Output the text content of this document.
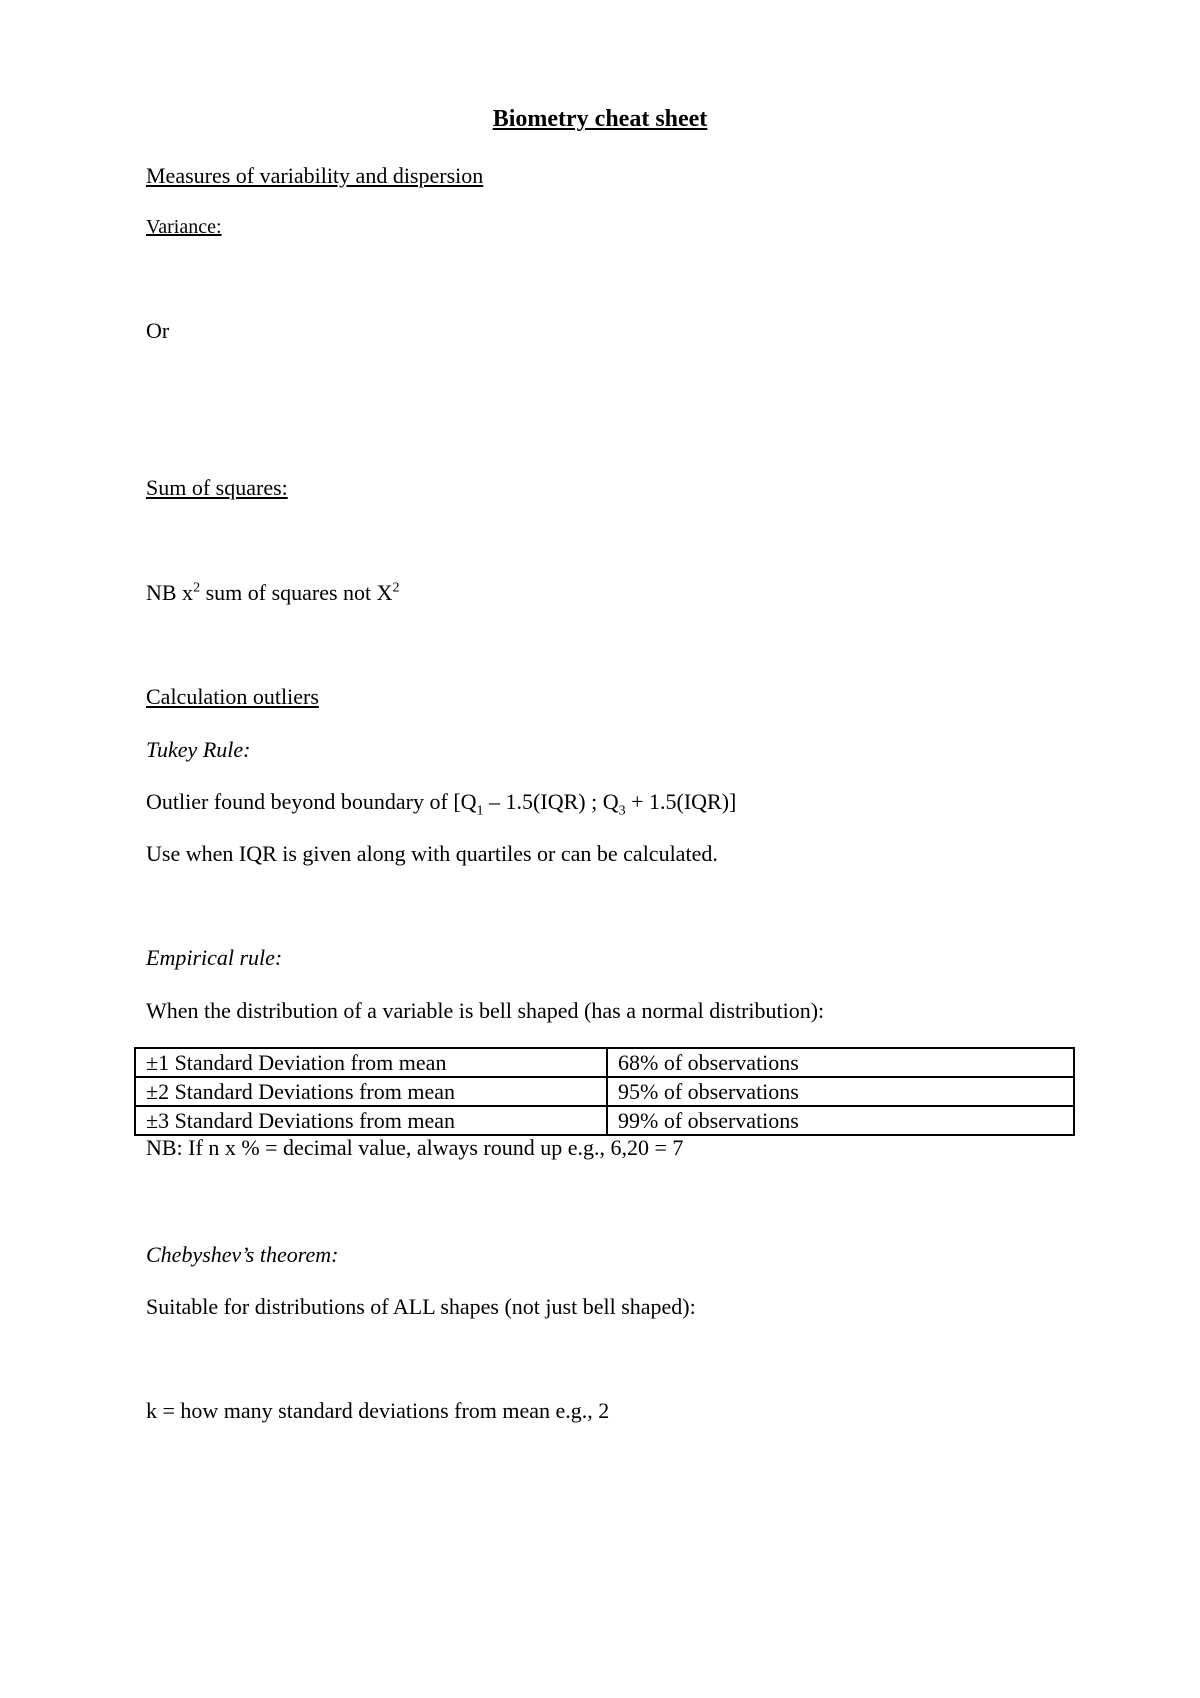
Biometry cheat sheet
Measures of variability and dispersion
Variance:
Or
Sum of squares:
NB $x^2$ sum of squares not $X^2$
Calculation outliers
Tukey Rule:
Outlier found beyond boundary of [$Q_1 - 1.5(IQR)$ ; $Q_3 + 1.5(IQR)$]
Use when IQR is given along with quartiles or can be calculated.
Empirical rule:
When the distribution of a variable is bell shaped (has a normal distribution):
±1 Standard Deviation from mean	68% of observations
±2 Standard Deviations from mean	95% of observations
±3 Standard Deviations from mean	99% of observations
NB: If n x % = decimal value, always round up e.g., 6,20 = 7
Chebyshev’s theorem:
Suitable for distributions of ALL shapes (not just bell shaped):
k = how many standard deviations from mean e.g., 2
